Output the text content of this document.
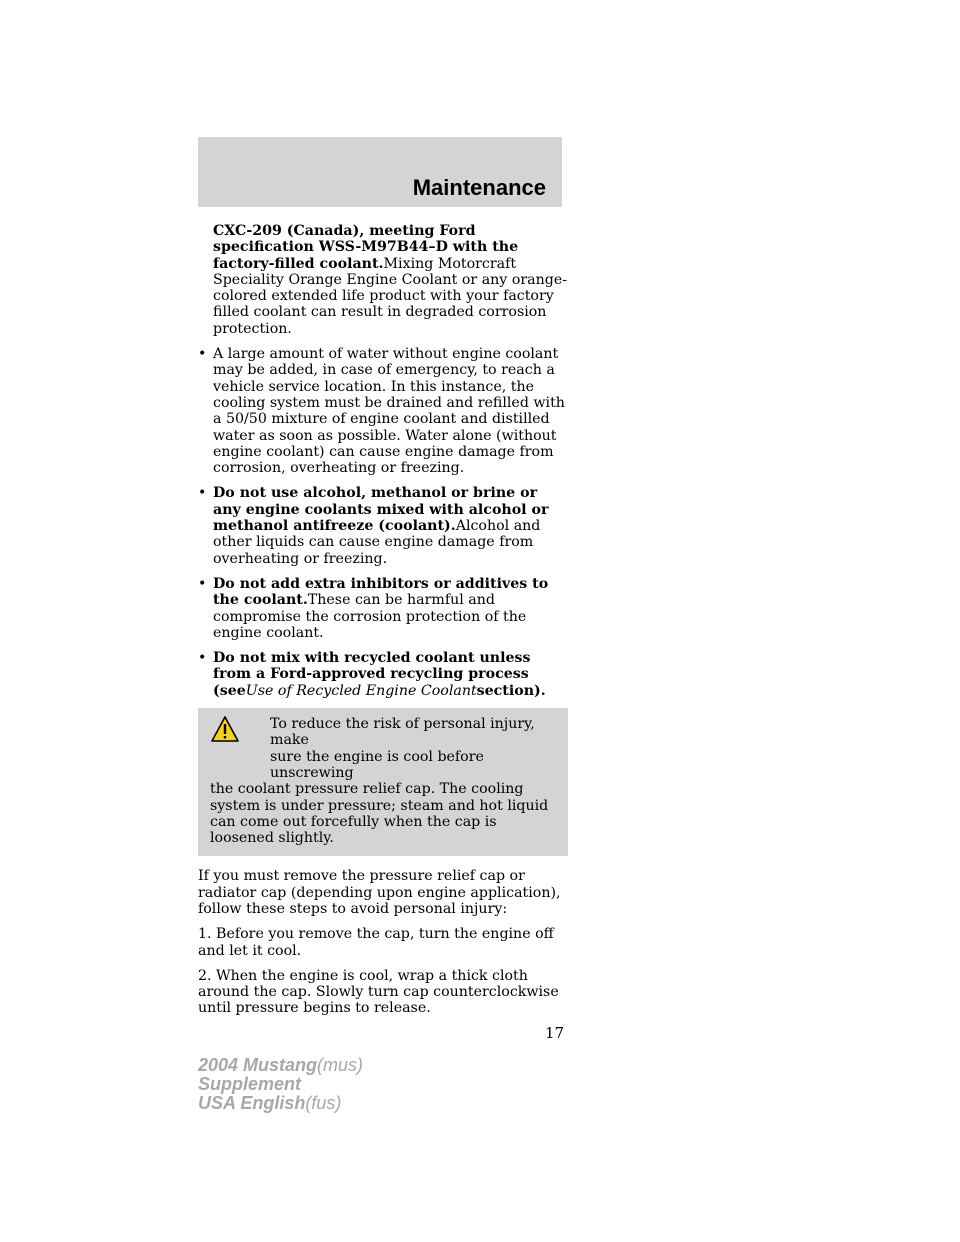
Maintenance
CXC-209 (Canada), meeting Ford specification WSS-M97B44–D with the factory-filled coolant.Mixing Motorcraft Speciality Orange Engine Coolant or any orange-colored extended life product with your factory filled coolant can result in degraded corrosion protection.
• A large amount of water without engine coolant may be added, in case of emergency, to reach a vehicle service location. In this instance, the cooling system must be drained and refilled with a 50/50 mixture of engine coolant and distilled water as soon as possible. Water alone (without engine coolant) can cause engine damage from corrosion, overheating or freezing.
• Do not use alcohol, methanol or brine or any engine coolants mixed with alcohol or methanol antifreeze (coolant).Alcohol and other liquids can cause engine damage from overheating or freezing.
• Do not add extra inhibitors or additives to the coolant.These can be harmful and compromise the corrosion protection of the engine coolant.
• Do not mix with recycled coolant unless from a Ford-approved recycling process (seeUse of Recycled Engine Coolantsection).
To reduce the risk of personal injury, make
sure the engine is cool before unscrewing
the coolant pressure relief cap. The cooling system is under pressure; steam and hot liquid can come out forcefully when the cap is loosened slightly.
If you must remove the pressure relief cap or radiator cap (depending upon engine application), follow these steps to avoid personal injury:
1. Before you remove the cap, turn the engine off and let it cool.
2. When the engine is cool, wrap a thick cloth around the cap. Slowly turn cap counterclockwise until pressure begins to release.
17
2004 Mustang(mus)
Supplement
USA English(fus)
